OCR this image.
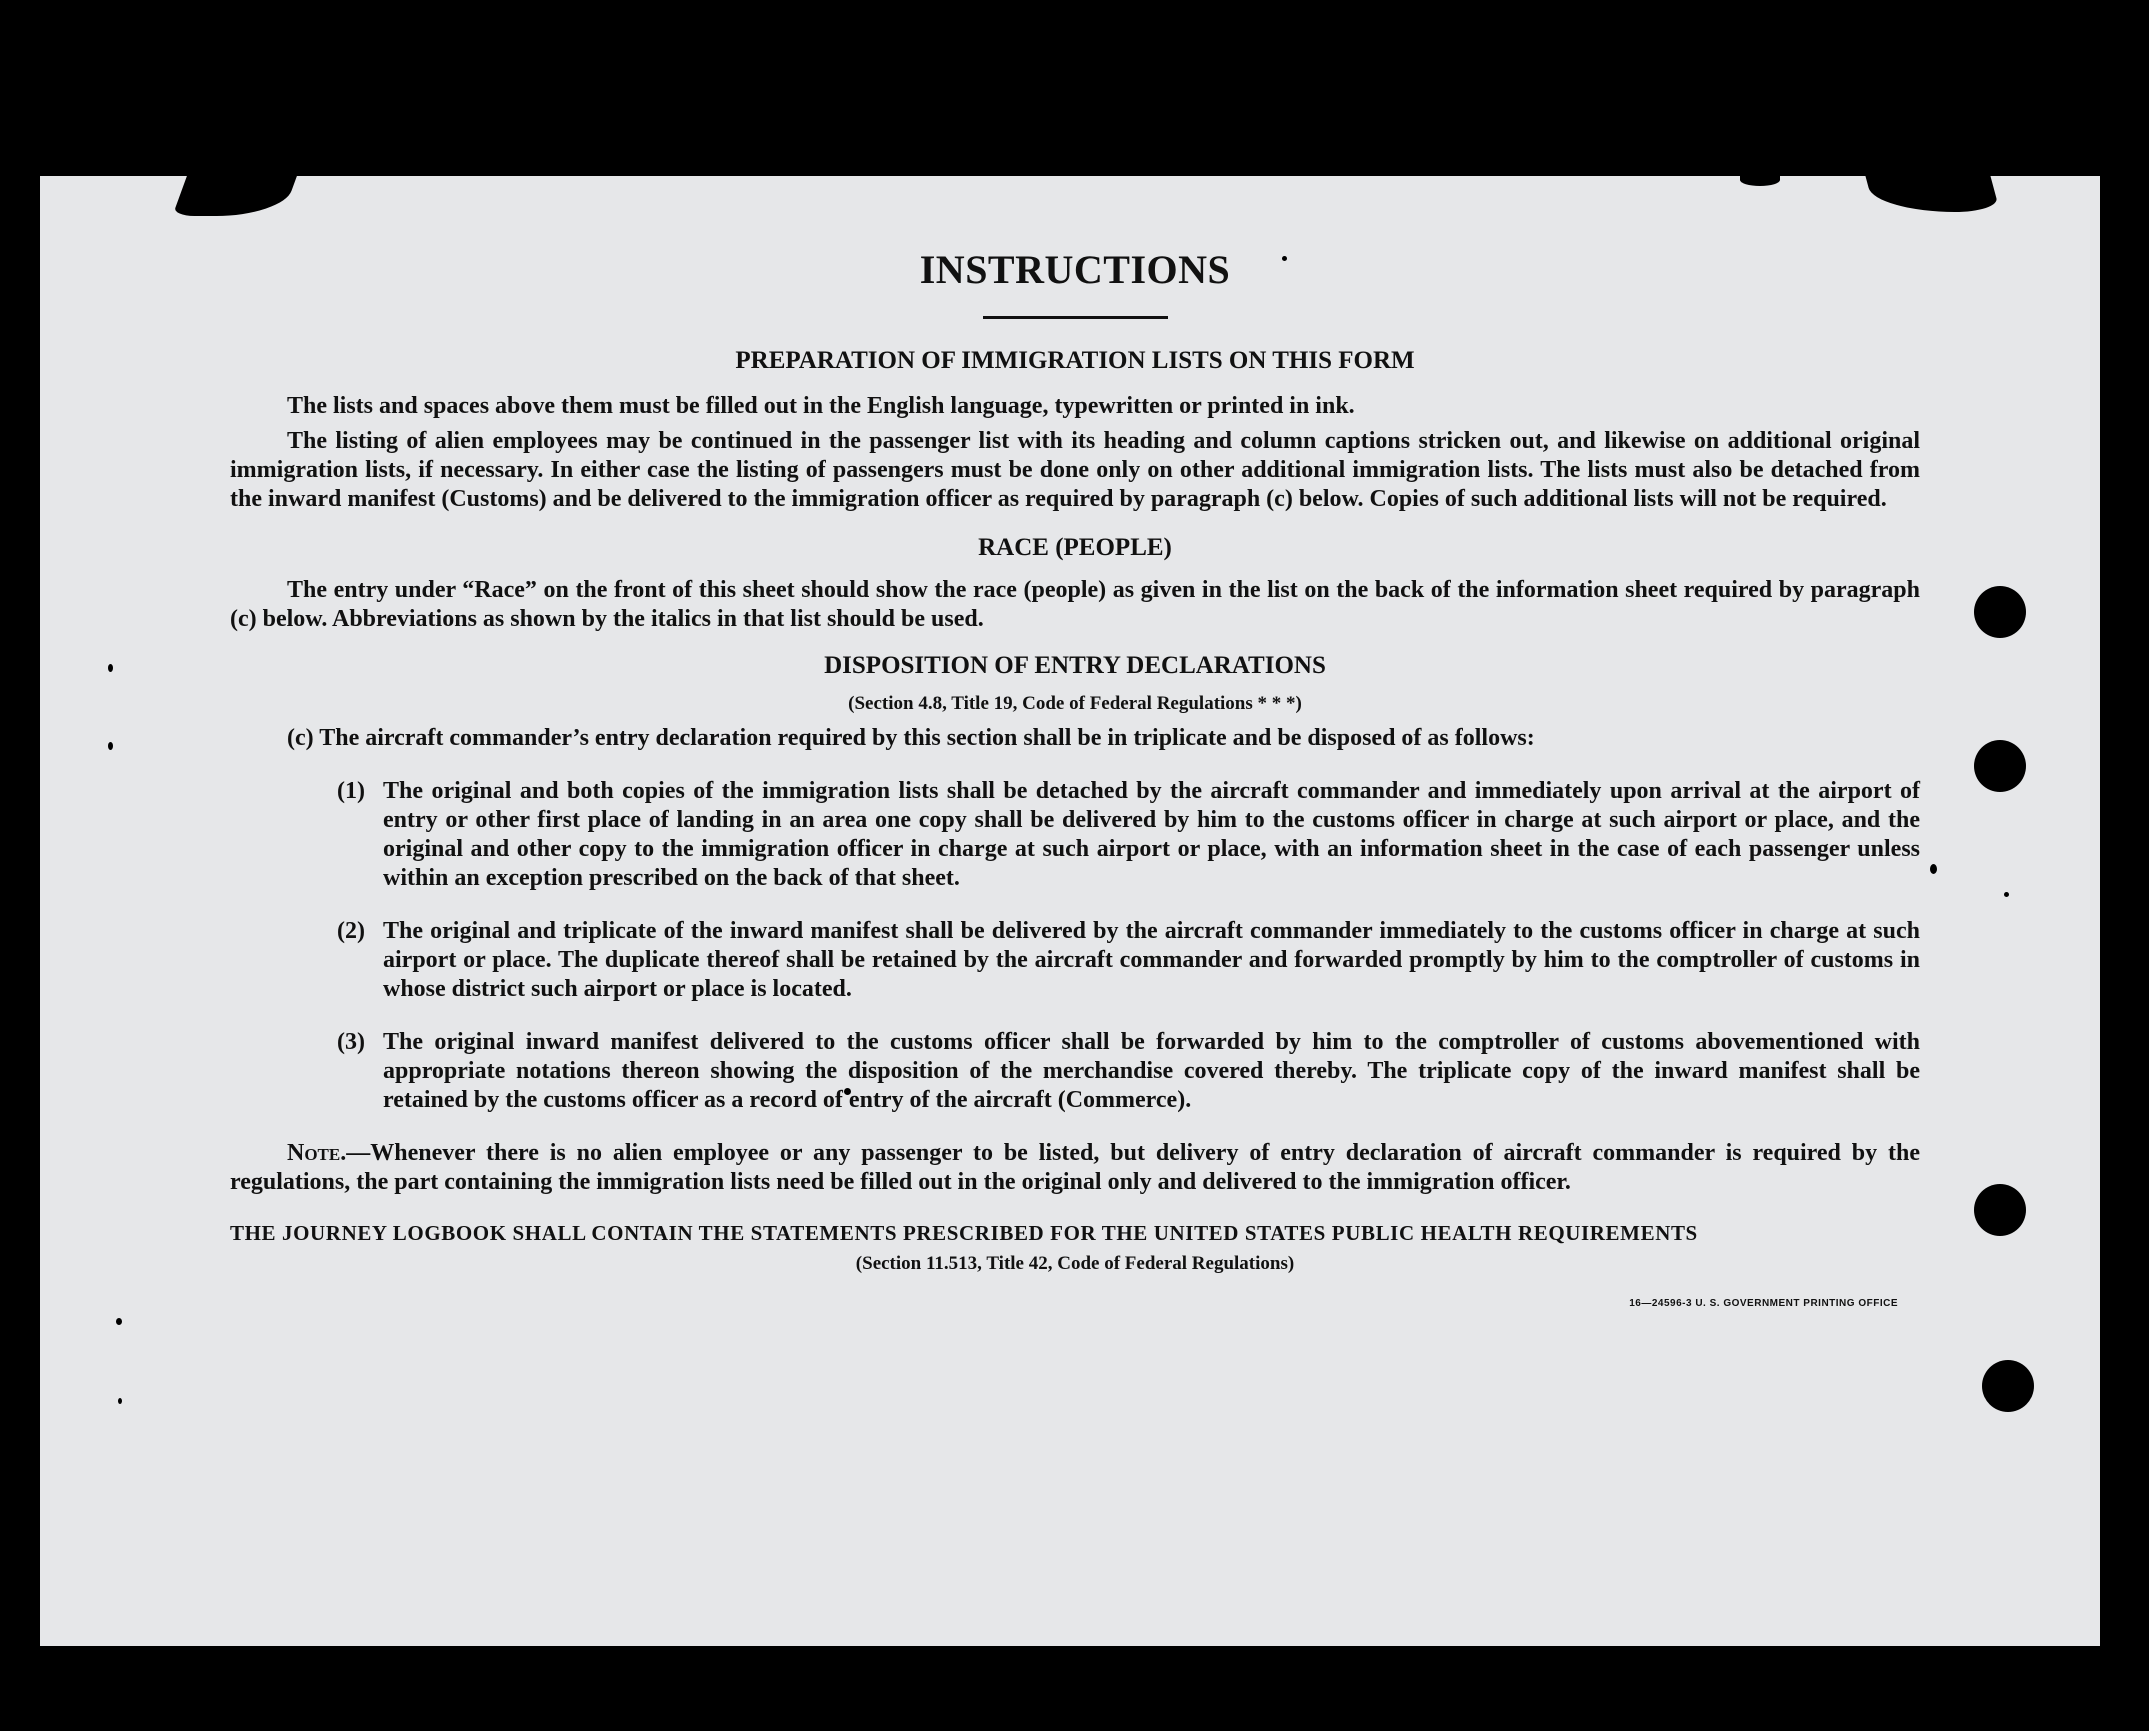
INSTRUCTIONS
PREPARATION OF IMMIGRATION LISTS ON THIS FORM

The lists and spaces above them must be filled out in the English language, typewritten or printed in ink.

The listing of alien employees may be continued in the passenger list with its heading and column captions stricken out, and likewise on additional original immigration lists, if necessary. In either case the listing of passengers must be done only on other additional immigration lists. The lists must also be detached from the inward manifest (Customs) and be delivered to the immigration officer as required by paragraph (c) below. Copies of such additional lists will not be required.

RACE (PEOPLE)

The entry under “Race” on the front of this sheet should show the race (people) as given in the list on the back of the information sheet required by paragraph (c) below. Abbreviations as shown by the italics in that list should be used.

DISPOSITION OF ENTRY DECLARATIONS

(Section 4.8, Title 19, Code of Federal Regulations * * *)

(c) The aircraft commander’s entry declaration required by this section shall be in triplicate and be disposed of as follows:
(1) The original and both copies of the immigration lists shall be detached by the aircraft commander and immediately upon arrival at the airport of entry or other first place of landing in an area one copy shall be delivered by him to the customs officer in charge at such airport or place, and the original and other copy to the immigration officer in charge at such airport or place, with an information sheet in the case of each passenger unless within an exception prescribed on the back of that sheet.
(2) The original and triplicate of the inward manifest shall be delivered by the aircraft commander immediately to the customs officer in charge at such airport or place. The duplicate thereof shall be retained by the aircraft commander and forwarded promptly by him to the comptroller of customs in whose district such airport or place is located.
(3) The original inward manifest delivered to the customs officer shall be forwarded by him to the comptroller of customs abovementioned with appropriate notations thereon showing the disposition of the merchandise covered thereby. The triplicate copy of the inward manifest shall be retained by the customs officer as a record of entry of the aircraft (Commerce).

Note.—Whenever there is no alien employee or any passenger to be listed, but delivery of entry declaration of aircraft commander is required by the regulations, the part containing the immigration lists need be filled out in the original only and delivered to the immigration officer.

THE JOURNEY LOGBOOK SHALL CONTAIN THE STATEMENTS PRESCRIBED FOR THE UNITED STATES PUBLIC HEALTH REQUIREMENTS

(Section 11.513, Title 42, Code of Federal Regulations)

16—24596-3 U. S. GOVERNMENT PRINTING OFFICE
